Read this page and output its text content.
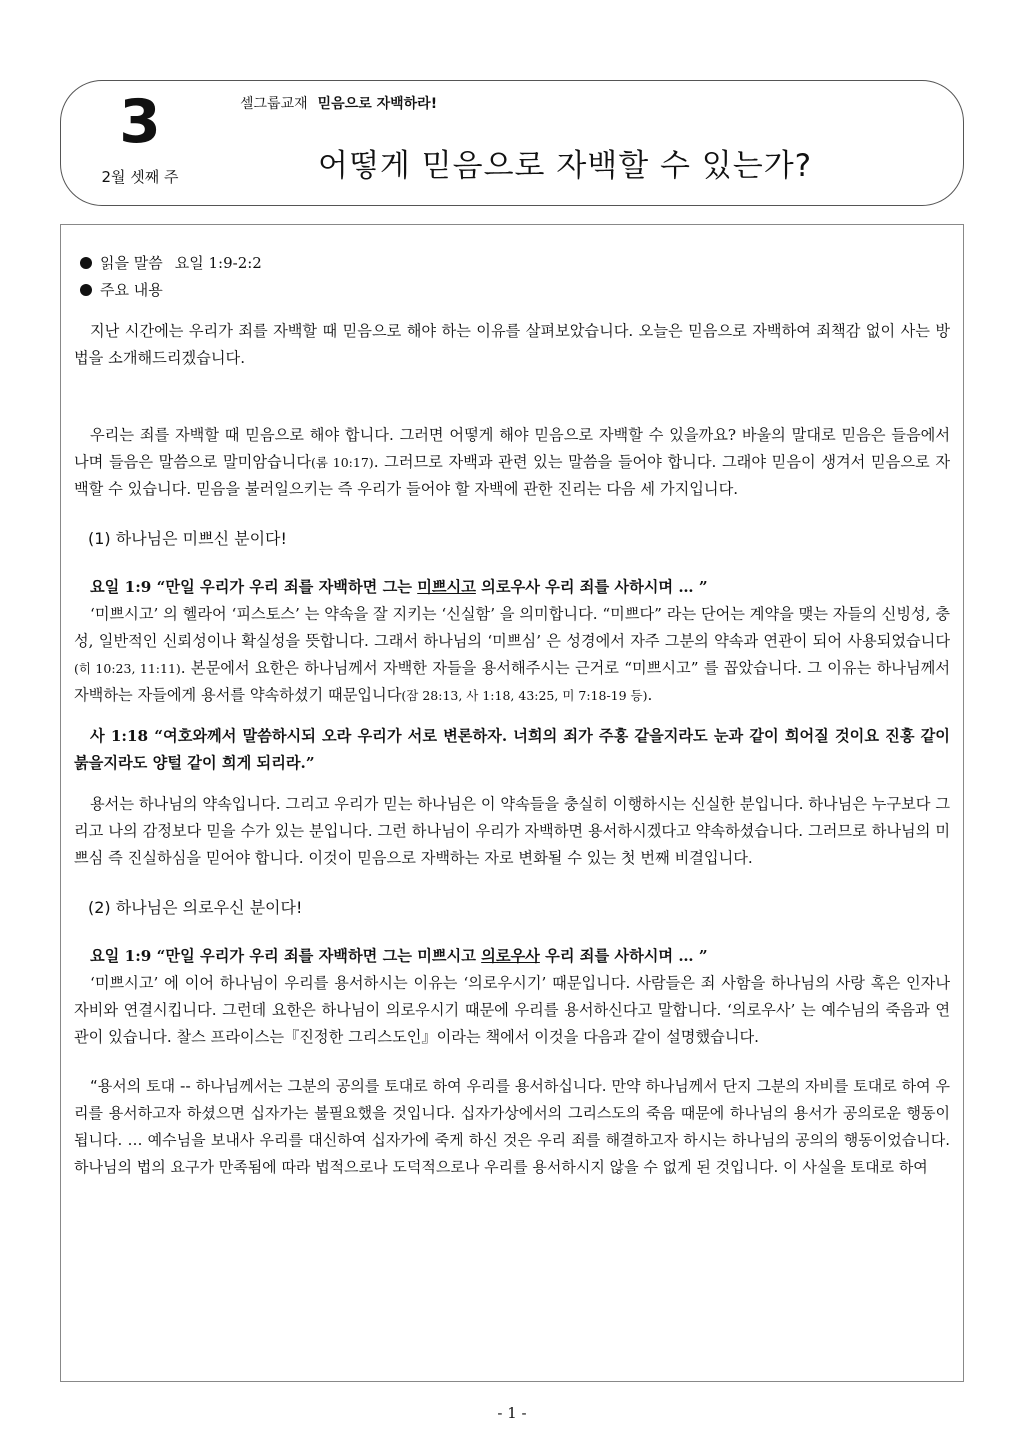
3
2월 셋째 주
셀그룹교재 믿음으로 자백하라!
어떻게 믿음으로 자백할 수 있는가?
읽을 말씀 요일 1:9-2:2
주요 내용

지난 시간에는 우리가 죄를 자백할 때 믿음으로 해야 하는 이유를 살펴보았습니다. 오늘은 믿음으로 자백하여 죄책감 없이 사는 방법을 소개해드리겠습니다.

우리는 죄를 자백할 때 믿음으로 해야 합니다. 그러면 어떻게 해야 믿음으로 자백할 수 있을까요? 바울의 말대로 믿음은 들음에서 나며 들음은 말씀으로 말미암습니다(롬 10:17). 그러므로 자백과 관련 있는 말씀을 들어야 합니다. 그래야 믿음이 생겨서 믿음으로 자백할 수 있습니다. 믿음을 불러일으키는 즉 우리가 들어야 할 자백에 관한 진리는 다음 세 가지입니다.

(1) 하나님은 미쁘신 분이다!

요일 1:9 “만일 우리가 우리 죄를 자백하면 그는 미쁘시고 의로우사 우리 죄를 사하시며 … ”

‘미쁘시고’ 의 헬라어 ‘피스토스’ 는 약속을 잘 지키는 ‘신실함’ 을 의미합니다. “미쁘다” 라는 단어는 계약을 맺는 자들의 신빙성, 충성, 일반적인 신뢰성이나 확실성을 뜻합니다. 그래서 하나님의 ‘미쁘심’ 은 성경에서 자주 그분의 약속과 연관이 되어 사용되었습니다(히 10:23, 11:11). 본문에서 요한은 하나님께서 자백한 자들을 용서해주시는 근거로 “미쁘시고” 를 꼽았습니다. 그 이유는 하나님께서 자백하는 자들에게 용서를 약속하셨기 때문입니다(잠 28:13, 사 1:18, 43:25, 미 7:18-19 등).

사 1:18 “여호와께서 말씀하시되 오라 우리가 서로 변론하자. 너희의 죄가 주홍 같을지라도 눈과 같이 희어질 것이요 진홍 같이 붉을지라도 양털 같이 희게 되리라.”

용서는 하나님의 약속입니다. 그리고 우리가 믿는 하나님은 이 약속들을 충실히 이행하시는 신실한 분입니다. 하나님은 누구보다 그리고 나의 감정보다 믿을 수가 있는 분입니다. 그런 하나님이 우리가 자백하면 용서하시겠다고 약속하셨습니다. 그러므로 하나님의 미쁘심 즉 진실하심을 믿어야 합니다. 이것이 믿음으로 자백하는 자로 변화될 수 있는 첫 번째 비결입니다.

(2) 하나님은 의로우신 분이다!

요일 1:9 “만일 우리가 우리 죄를 자백하면 그는 미쁘시고 의로우사 우리 죄를 사하시며 … ”

‘미쁘시고’ 에 이어 하나님이 우리를 용서하시는 이유는 ‘의로우시기’ 때문입니다. 사람들은 죄 사함을 하나님의 사랑 혹은 인자나 자비와 연결시킵니다. 그런데 요한은 하나님이 의로우시기 때문에 우리를 용서하신다고 말합니다. ‘의로우사’ 는 예수님의 죽음과 연관이 있습니다. 찰스 프라이스는『진정한 그리스도인』이라는 책에서 이것을 다음과 같이 설명했습니다.

“용서의 토대 -- 하나님께서는 그분의 공의를 토대로 하여 우리를 용서하십니다. 만약 하나님께서 단지 그분의 자비를 토대로 하여 우리를 용서하고자 하셨으면 십자가는 불필요했을 것입니다. 십자가상에서의 그리스도의 죽음 때문에 하나님의 용서가 공의로운 행동이 됩니다. … 예수님을 보내사 우리를 대신하여 십자가에 죽게 하신 것은 우리 죄를 해결하고자 하시는 하나님의 공의의 행동이었습니다. 하나님의 법의 요구가 만족됨에 따라 법적으로나 도덕적으로나 우리를 용서하시지 않을 수 없게 된 것입니다. 이 사실을 토대로 하여

- 1 -
